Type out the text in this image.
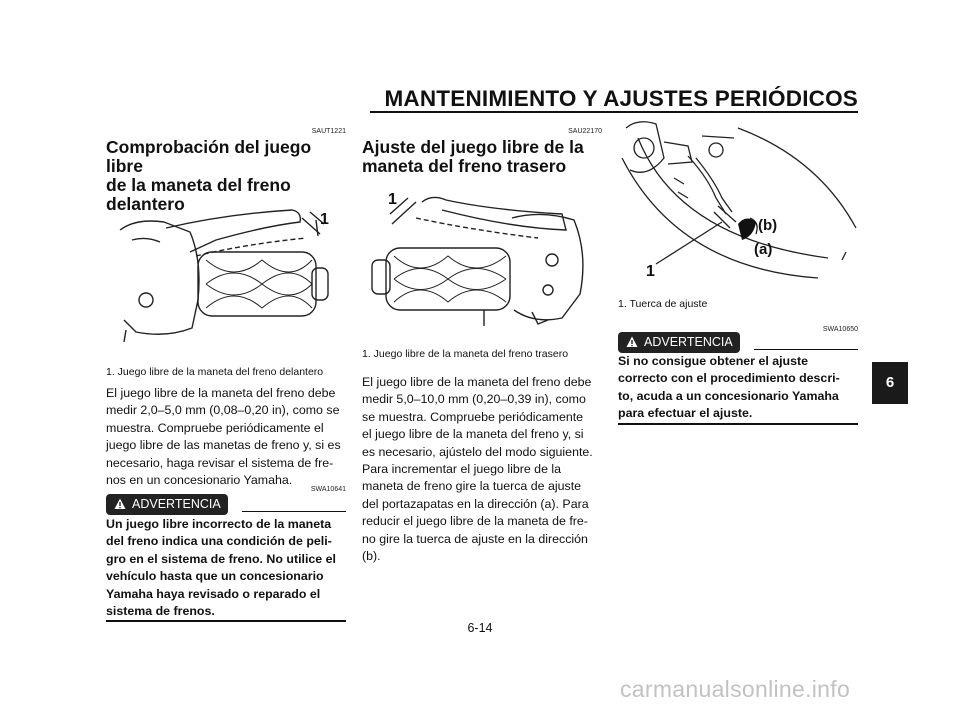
MANTENIMIENTO Y AJUSTES PERIÓDICOS
SAUT1221
Comprobación del juego libre
de la maneta del freno
delantero
1
1. Juego libre de la maneta del freno delantero
El juego libre de la maneta del freno debe
medir 2,0–5,0 mm (0,08–0,20 in), como se
muestra. Compruebe periódicamente el
juego libre de las manetas de freno y, si es
necesario, haga revisar el sistema de fre-
nos en un concesionario Yamaha.
SWA10641
ADVERTENCIA
Un juego libre incorrecto de la maneta
del freno indica una condición de peli-
gro en el sistema de freno. No utilice el
vehículo hasta que un concesionario
Yamaha haya revisado o reparado el
sistema de frenos.
SAU22170
Ajuste del juego libre de la
maneta del freno trasero
1
1. Juego libre de la maneta del freno trasero
El juego libre de la maneta del freno debe
medir 5,0–10,0 mm (0,20–0,39 in), como
se muestra. Compruebe periódicamente
el juego libre de la maneta del freno y, si
es necesario, ajústelo del modo siguiente.
Para incrementar el juego libre de la
maneta de freno gire la tuerca de ajuste
del portazapatas en la dirección (a). Para
reducir el juego libre de la maneta de fre-
no gire la tuerca de ajuste en la dirección
(b).
(b)
(a)
1
1. Tuerca de ajuste
SWA10650
ADVERTENCIA
Si no consigue obtener el ajuste
correcto con el procedimiento descri-
to, acuda a un concesionario Yamaha
para efectuar el ajuste.
6
6-14
carmanualsonline.info
